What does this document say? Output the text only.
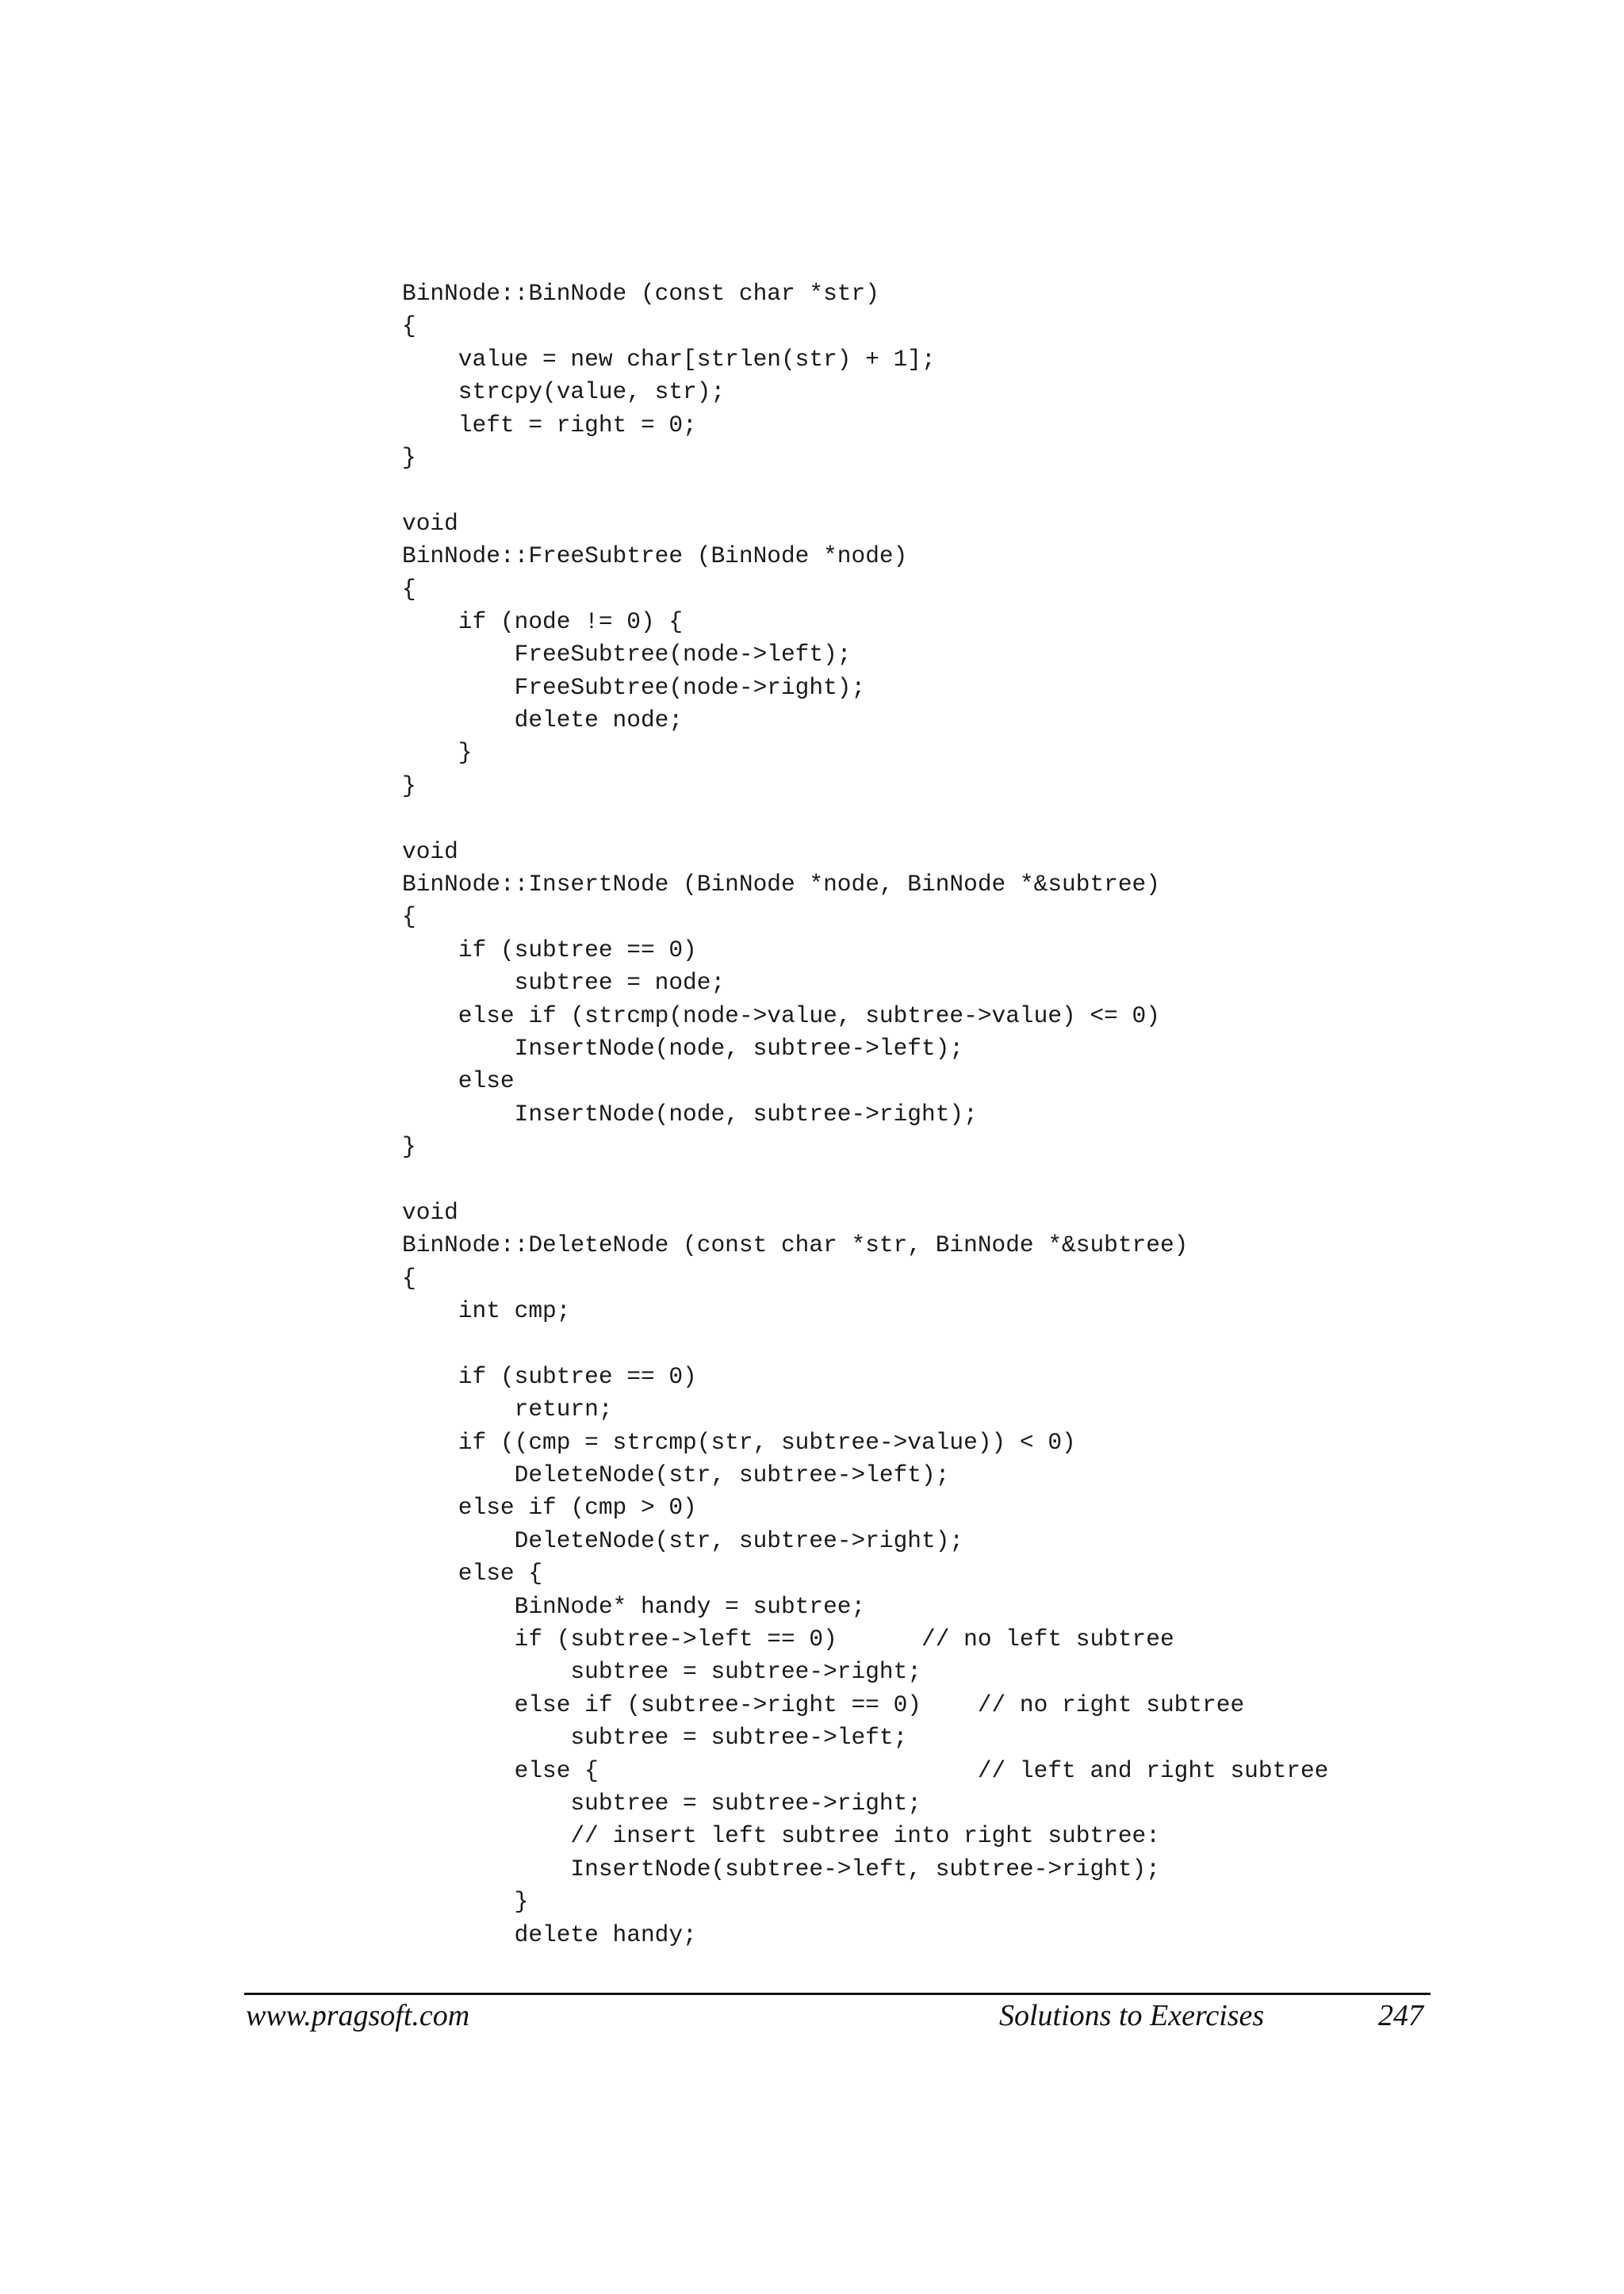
BinNode::BinNode (const char *str)
{
value = new char[strlen(str) + 1];
strcpy(value, str);
left = right = 0;
}
void
BinNode::FreeSubtree (BinNode *node)
{
if (node != 0) {
FreeSubtree(node->left);
FreeSubtree(node->right);
delete node;
}
}
void
BinNode::InsertNode (BinNode *node, BinNode *&subtree)
{
if (subtree == 0)
subtree = node;
else if (strcmp(node->value, subtree->value) <= 0)
InsertNode(node, subtree->left);
else
InsertNode(node, subtree->right);
}
void
BinNode::DeleteNode (const char *str, BinNode *&subtree)
{
int cmp;
if (subtree == 0)
return;
if ((cmp = strcmp(str, subtree->value)) < 0)
DeleteNode(str, subtree->left);
else if (cmp > 0)
DeleteNode(str, subtree->right);
else {
BinNode* handy = subtree;
if (subtree->left == 0)      // no left subtree
subtree = subtree->right;
else if (subtree->right == 0)    // no right subtree
subtree = subtree->left;
else {                           // left and right subtree
subtree = subtree->right;
// insert left subtree into right subtree:
InsertNode(subtree->left, subtree->right);
}
delete handy;
www.pragsoft.com	Solutions to Exercises	247
